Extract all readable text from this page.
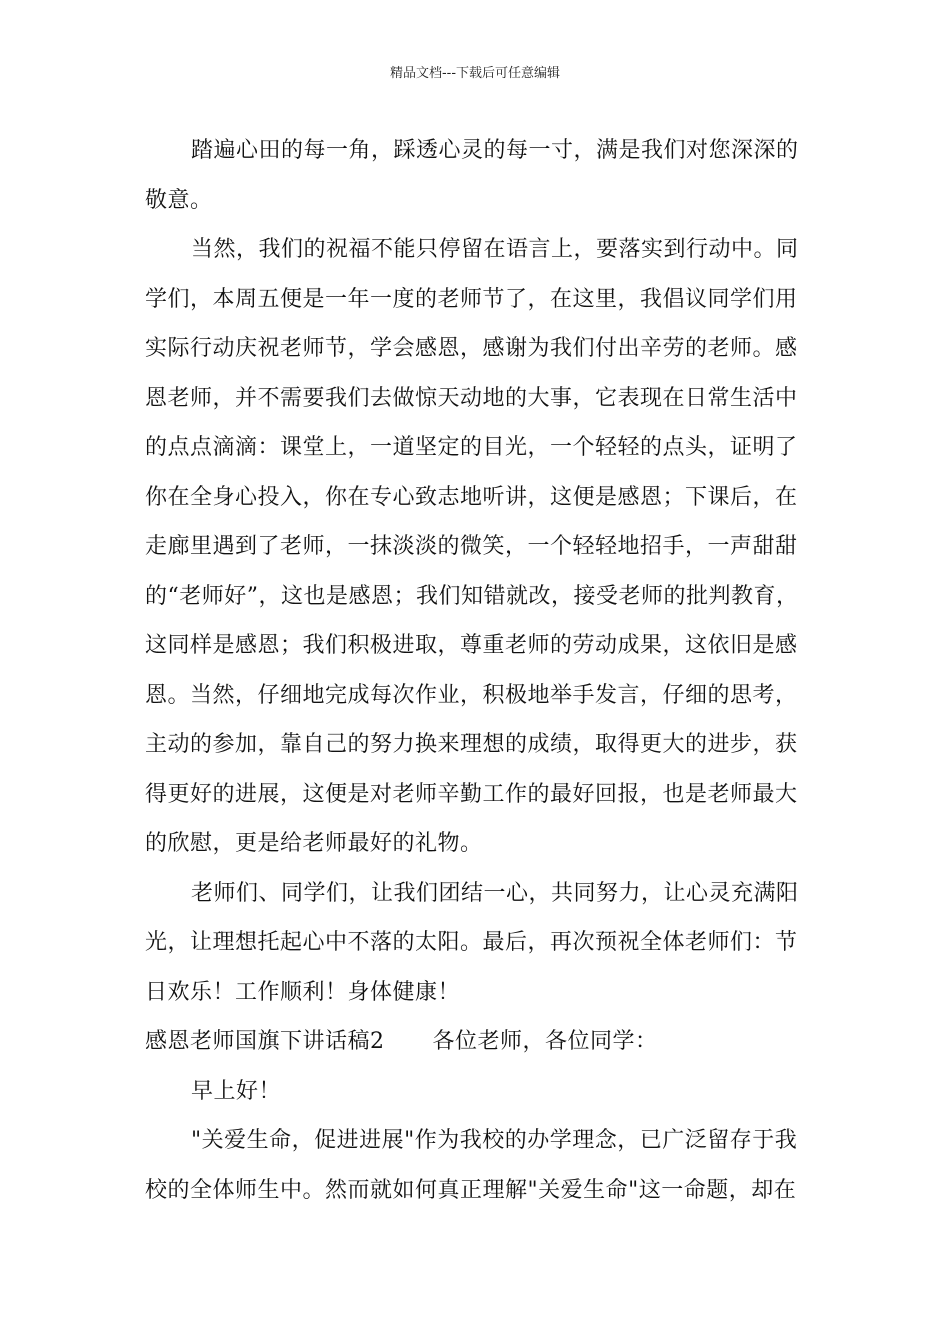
精品文档---下载后可任意编辑
踏遍心田的每一角，踩透心灵的每一寸，满是我们对您深深的
敬意。
当然，我们的祝福不能只停留在语言上，要落实到行动中。同
学们，本周五便是一年一度的老师节了，在这里，我倡议同学们用
实际行动庆祝老师节，学会感恩，感谢为我们付出辛劳的老师。感
恩老师，并不需要我们去做惊天动地的大事，它表现在日常生活中
的点点滴滴：课堂上，一道坚定的目光，一个轻轻的点头，证明了
你在全身心投入，你在专心致志地听讲，这便是感恩；下课后，在
走廊里遇到了老师，一抹淡淡的微笑，一个轻轻地招手，一声甜甜
的“老师好”，这也是感恩；我们知错就改，接受老师的批判教育，
这同样是感恩；我们积极进取，尊重老师的劳动成果，这依旧是感
恩。当然，仔细地完成每次作业，积极地举手发言，仔细的思考，
主动的参加，靠自己的努力换来理想的成绩，取得更大的进步，获
得更好的进展，这便是对老师辛勤工作的最好回报，也是老师最大
的欣慰，更是给老师最好的礼物。
老师们、同学们，让我们团结一心，共同努力，让心灵充满阳
光，让理想托起心中不落的太阳。最后，再次预祝全体老师们：节
日欢乐！工作顺利！身体健康！
感恩老师国旗下讲话稿2 各位老师，各位同学：
早上好！
"关爱生命，促进进展"作为我校的办学理念，已广泛留存于我
校的全体师生中。然而就如何真正理解"关爱生命"这一命题，却在
